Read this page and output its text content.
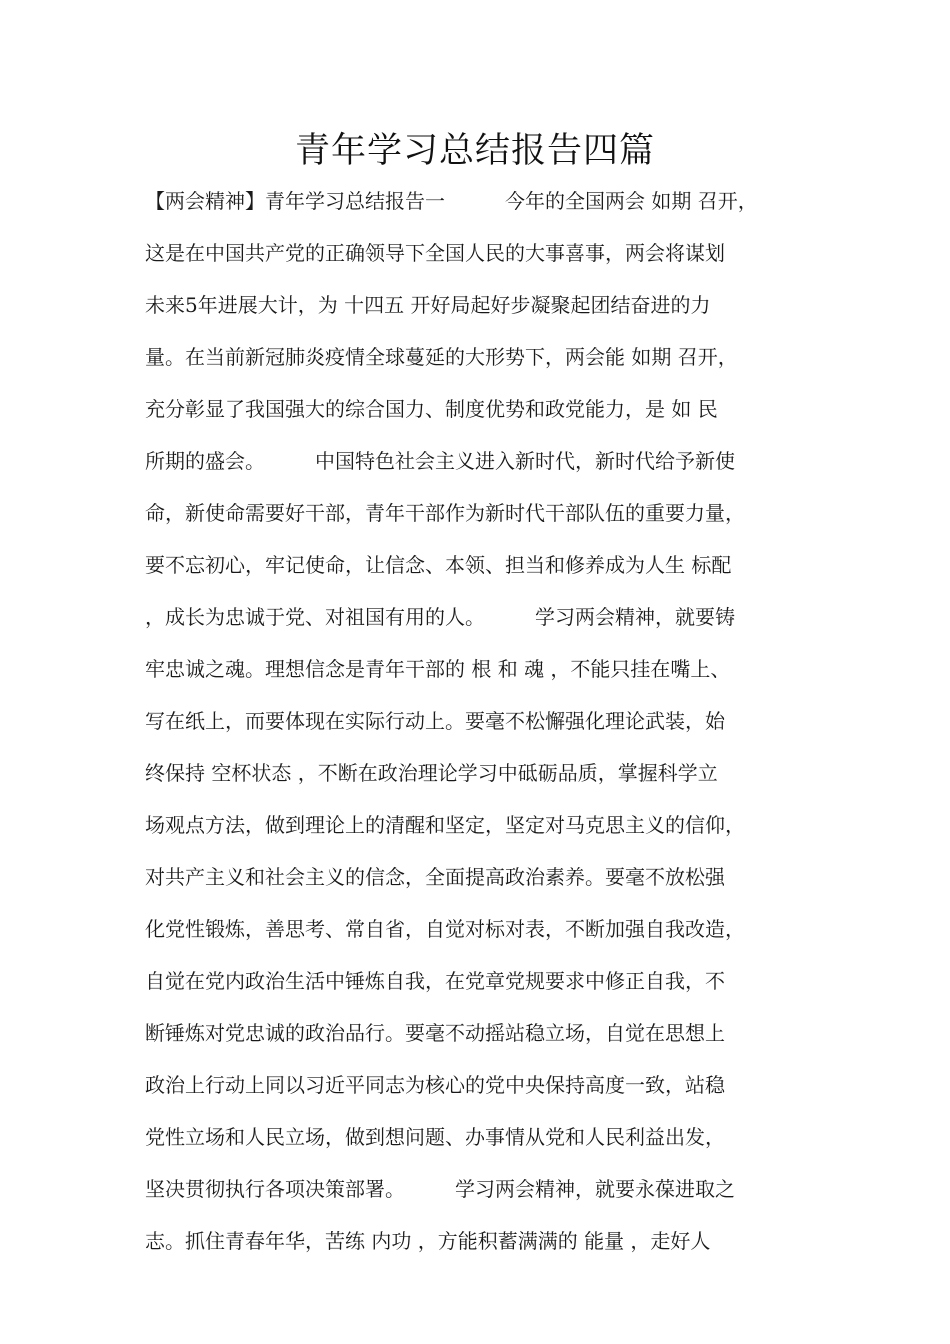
青年学习总结报告四篇
【两会精神】青年学习总结报告一　　　今年的全国两会 如期 召开，
这是在中国共产党的正确领导下全国人民的大事喜事，两会将谋划
未来5年进展大计，为 十四五 开好局起好步凝聚起团结奋进的力
量。在当前新冠肺炎疫情全球蔓延的大形势下，两会能 如期 召开，
充分彰显了我国强大的综合国力、制度优势和政党能力，是 如 民
所期的盛会。　　　中国特色社会主义进入新时代，新时代给予新使
命，新使命需要好干部，青年干部作为新时代干部队伍的重要力量，
要不忘初心，牢记使命，让信念、本领、担当和修养成为人生 标配
，成长为忠诚于党、对祖国有用的人。　　　学习两会精神，就要铸
牢忠诚之魂。理想信念是青年干部的 根 和 魂 ，不能只挂在嘴上、
写在纸上，而要体现在实际行动上。要毫不松懈强化理论武装，始
终保持 空杯状态 ，不断在政治理论学习中砥砺品质，掌握科学立
场观点方法，做到理论上的清醒和坚定，坚定对马克思主义的信仰，
对共产主义和社会主义的信念，全面提高政治素养。要毫不放松强
化党性锻炼，善思考、常自省，自觉对标对表，不断加强自我改造，
自觉在党内政治生活中锤炼自我，在党章党规要求中修正自我，不
断锤炼对党忠诚的政治品行。要毫不动摇站稳立场，自觉在思想上
政治上行动上同以习近平同志为核心的党中央保持高度一致，站稳
党性立场和人民立场，做到想问题、办事情从党和人民利益出发，
坚决贯彻执行各项决策部署。　　　学习两会精神，就要永葆进取之
志。抓住青春年华，苦练 内功 ，方能积蓄满满的 能量 ，走好人
